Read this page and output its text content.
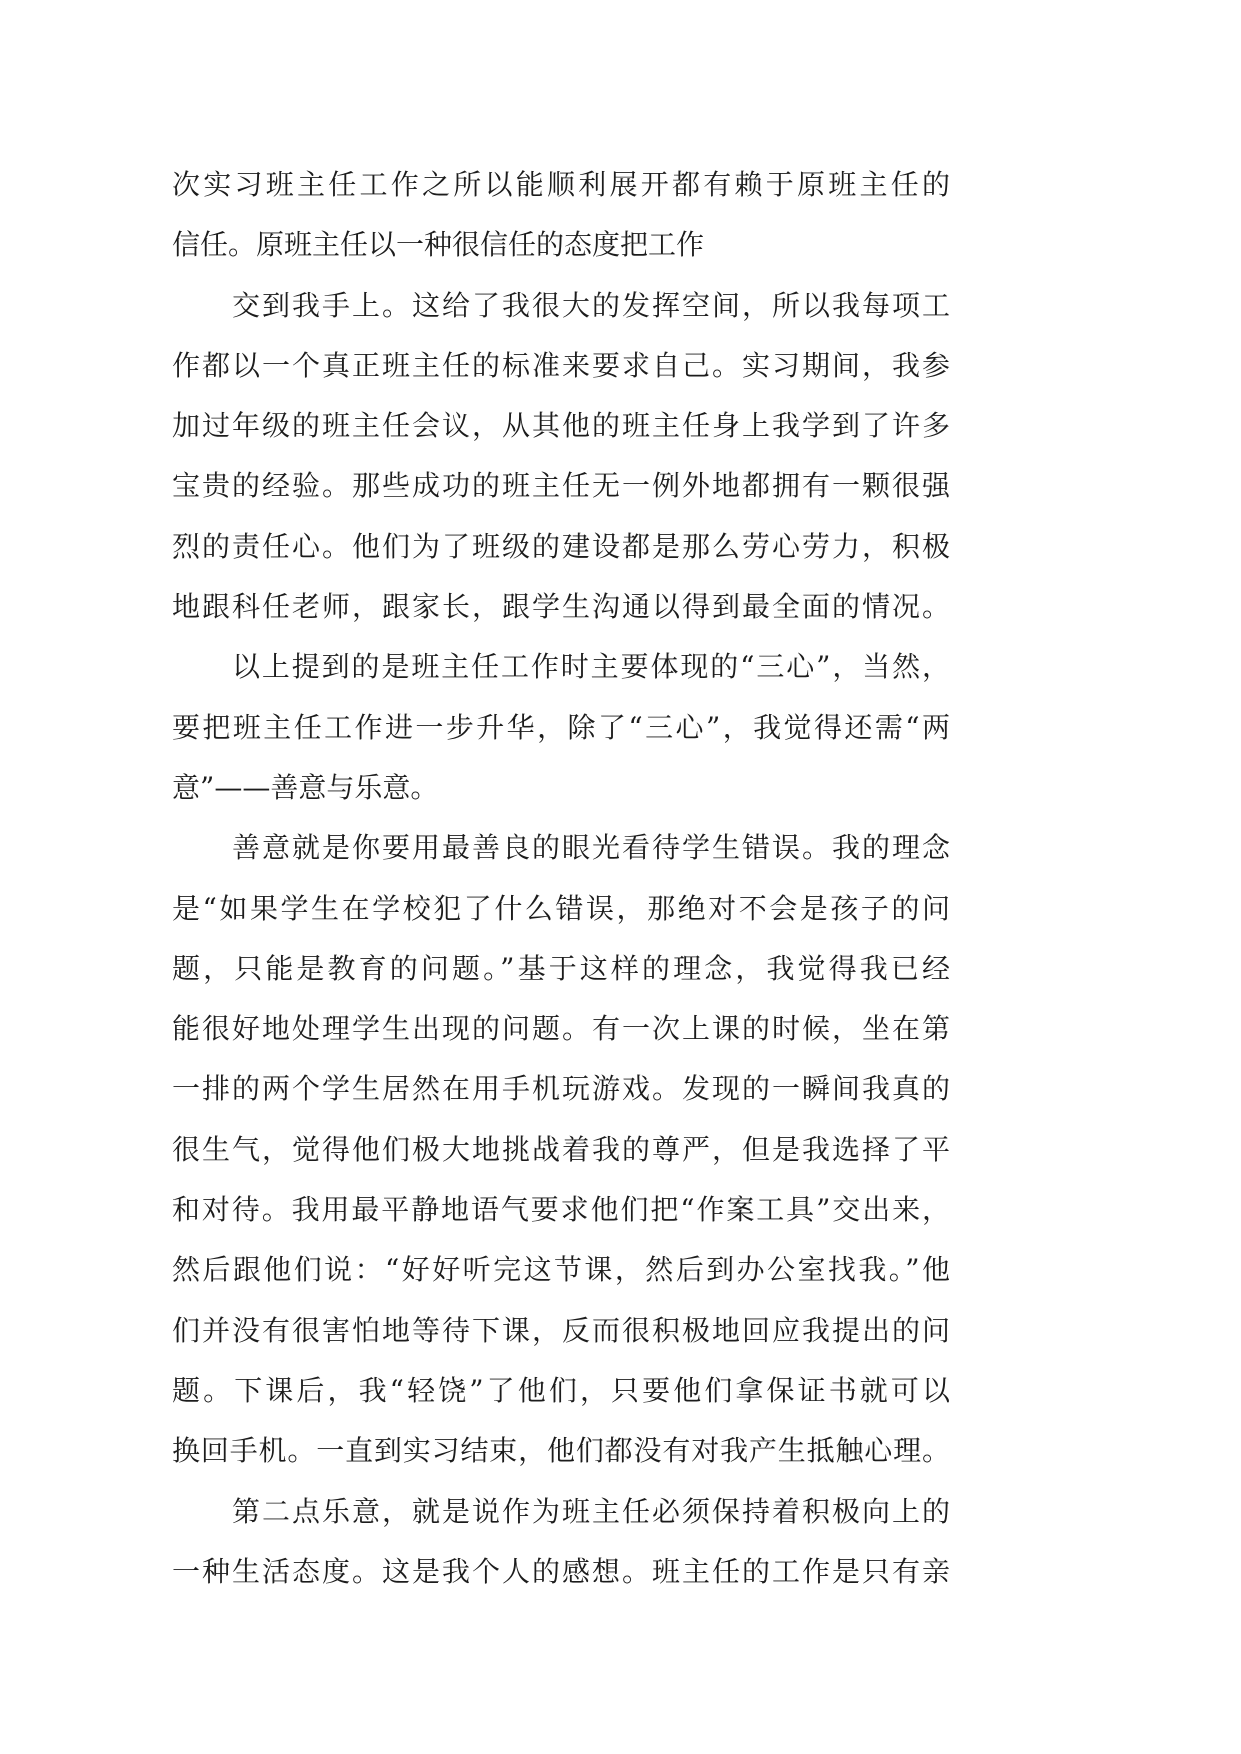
次实习班主任工作之所以能顺利展开都有赖于原班主任的
信任。原班主任以一种很信任的态度把工作
交到我手上。这给了我很大的发挥空间，所以我每项工
作都以一个真正班主任的标准来要求自己。实习期间，我参
加过年级的班主任会议，从其他的班主任身上我学到了许多
宝贵的经验。那些成功的班主任无一例外地都拥有一颗很强
烈的责任心。他们为了班级的建设都是那么劳心劳力，积极
地跟科任老师，跟家长，跟学生沟通以得到最全面的情况。
以上提到的是班主任工作时主要体现的“三心”，当然，
要把班主任工作进一步升华，除了“三心”，我觉得还需“两
意”——善意与乐意。
善意就是你要用最善良的眼光看待学生错误。我的理念
是“如果学生在学校犯了什么错误，那绝对不会是孩子的问
题，只能是教育的问题。”基于这样的理念，我觉得我已经
能很好地处理学生出现的问题。有一次上课的时候，坐在第
一排的两个学生居然在用手机玩游戏。发现的一瞬间我真的
很生气，觉得他们极大地挑战着我的尊严，但是我选择了平
和对待。我用最平静地语气要求他们把“作案工具”交出来，
然后跟他们说：“好好听完这节课，然后到办公室找我。”他
们并没有很害怕地等待下课，反而很积极地回应我提出的问
题。下课后，我“轻饶”了他们，只要他们拿保证书就可以
换回手机。一直到实习结束，他们都没有对我产生抵触心理。
第二点乐意，就是说作为班主任必须保持着积极向上的
一种生活态度。这是我个人的感想。班主任的工作是只有亲
